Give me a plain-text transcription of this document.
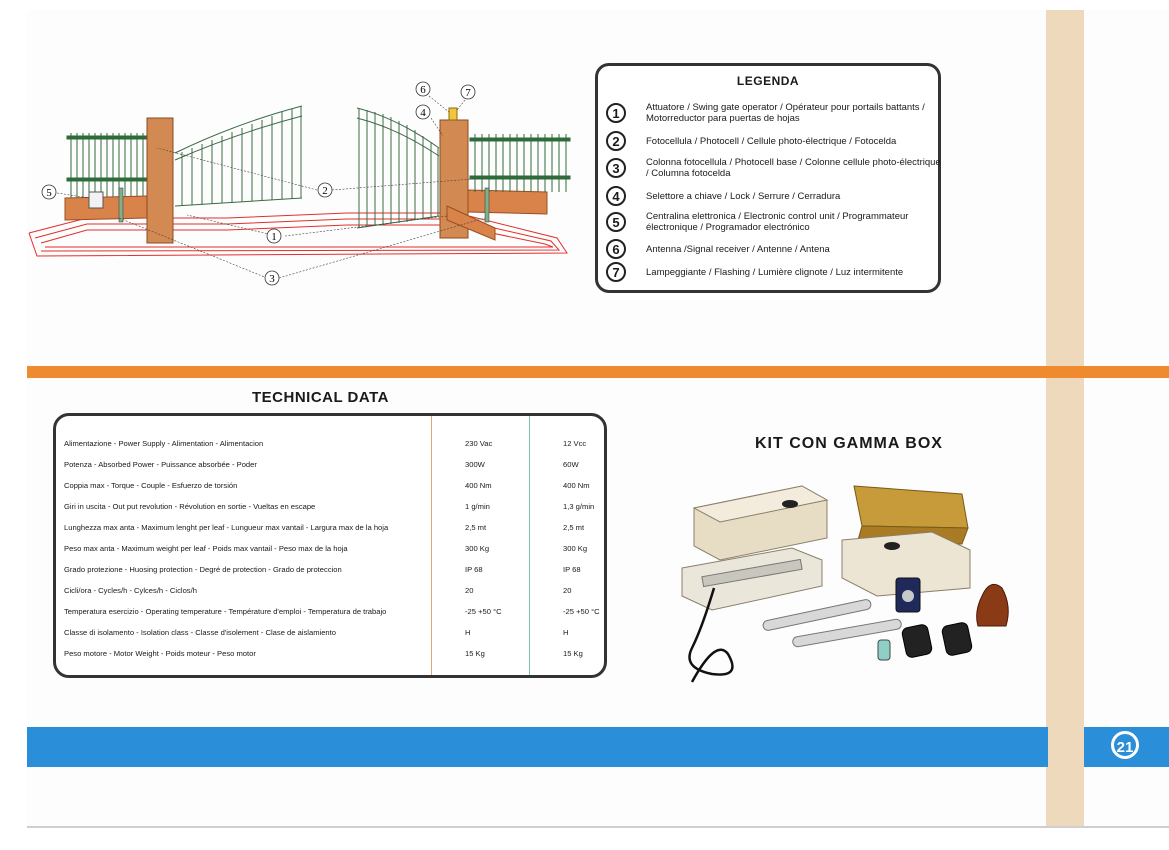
21
1
2
3
4
5
6	7
LEGENDA
1	Attuatore / Swing gate operator / Opérateur pour portails battants / Motorreductor para puertas de hojas
2	Fotocellula / Photocell / Cellule photo-électrique / Fotocelda
3	Colonna fotocellula / Photocell base / Colonne cellule photo-électrique / Columna fotocelda
4	Selettore a chiave / Lock / Serrure / Cerradura
5	Centralina elettronica / Electronic control unit / Programmateur électronique / Programador electrónico
6	Antenna /Signal receiver / Antenne / Antena
7	Lampeggiante / Flashing / Lumière clignote / Luz intermitente
TECHNICAL DATA
Alimentazione - Power Supply - Alimentation - Alimentacion	230 Vac	12 Vcc
Potenza - Absorbed Power - Puissance absorbée - Poder	300W	60W
Coppia max - Torque - Couple - Esfuerzo de torsión	400 Nm	400 Nm
Giri in uscita - Out put revolution - Révolution en sortie - Vueltas en escape	1 g/min	1,3 g/min
Lunghezza max anta - Maximum lenght per leaf - Lungueur max vantail - Largura max de la hoja	2,5 mt	2,5 mt
Peso max anta - Maximum weight per leaf - Poids max vantail - Peso max de la hoja	300 Kg	300 Kg
Grado protezione - Huosing protection - Degré de protection - Grado de proteccion	IP 68	IP 68
Cicli/ora - Cycles/h - Cylces/h - Ciclos/h	20	20
Temperatura esercizio - Operating temperature - Température d'emploi - Temperatura de trabajo	-25 +50 °C	-25 +50 °C
Classe di isolamento - Isolation class - Classe d'isolement - Clase de aislamiento	H	H
Peso motore - Motor Weight - Poids moteur - Peso motor	15 Kg	15 Kg
KIT CON GAMMA BOX
